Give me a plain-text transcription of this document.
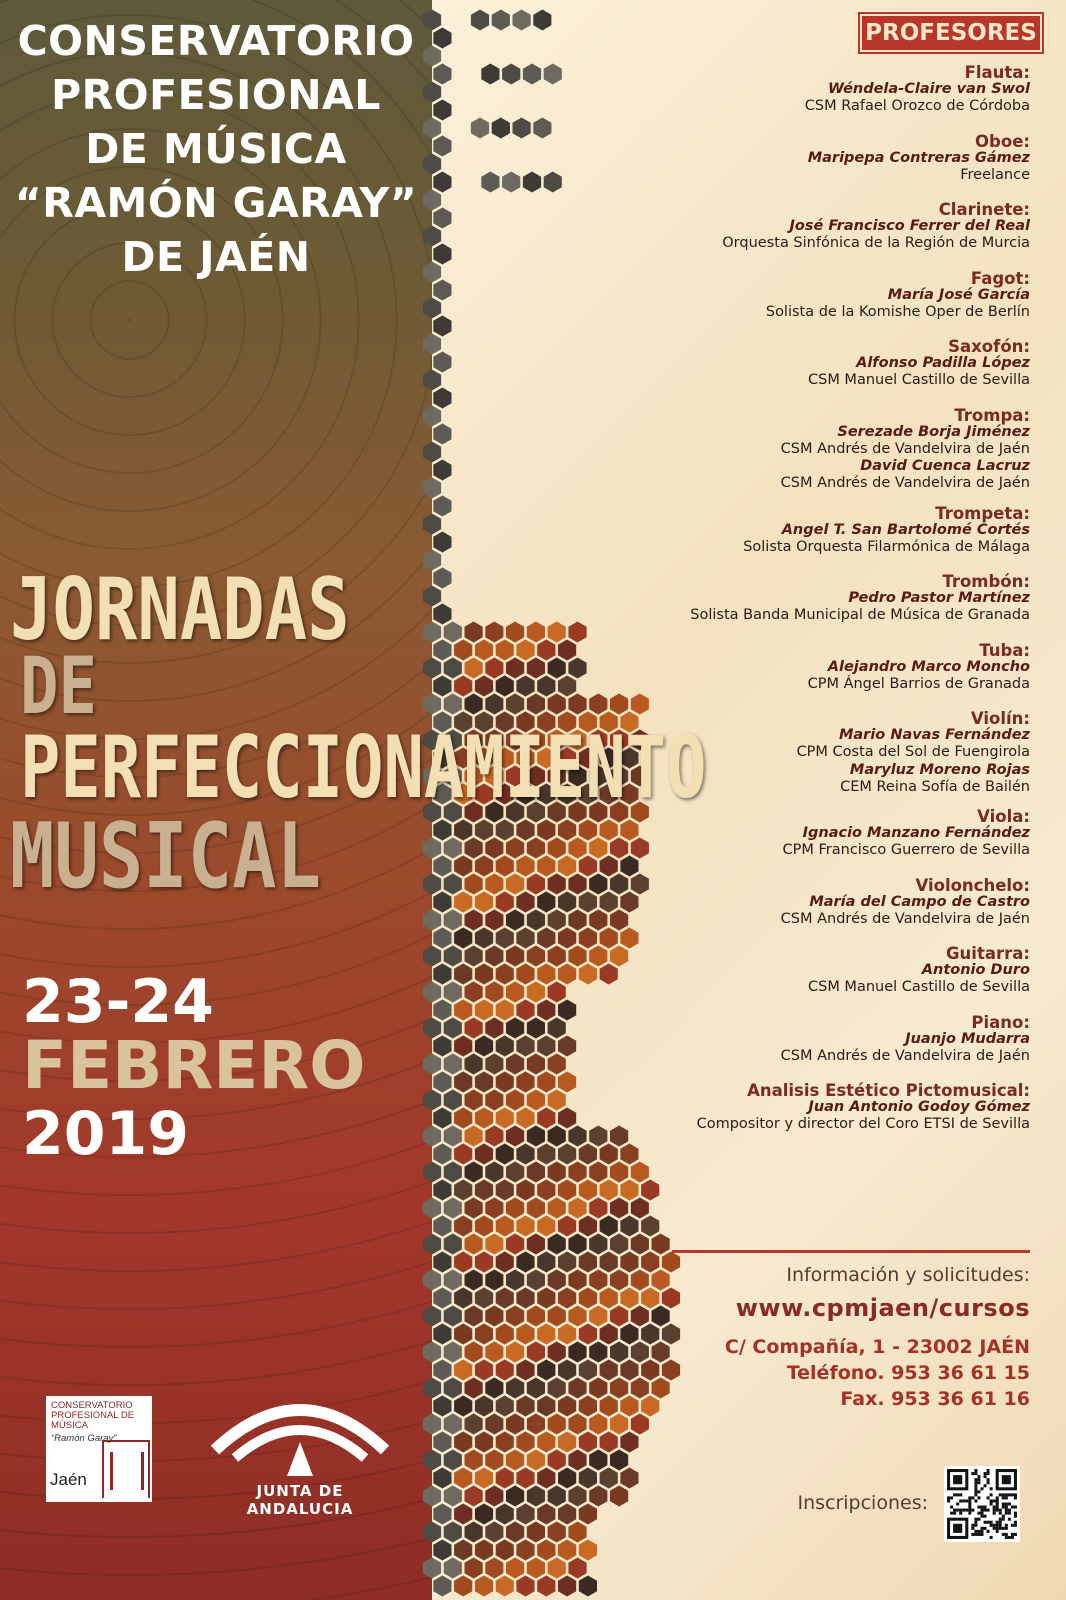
CONSERVATORIO
PROFESIONAL
DE MÚSICA
“RAMÓN GARAY”
DE JAÉN
JORNADAS
DE
PERFECCIONAMIENTO
MUSICAL
23-24
FEBRERO
2019
CONSERVATORIO
PROFESIONAL DE
MÚSICA
“Ramón Garay”
Jaén
JUNTA DE ANDALUCIA
PROFESORES
Flauta:
Wéndela-Claire van Swol
CSM Rafael Orozco de Córdoba
Oboe:
Maripepa Contreras Gámez
Freelance
Clarinete:
José Francisco Ferrer del Real
Orquesta Sinfónica de la Región de Murcia
Fagot:
María José García
Solista de la Komishe Oper de Berlín
Saxofón:
Alfonso Padilla López
CSM Manuel Castillo de Sevilla
Trompa:
Serezade Borja Jiménez
CSM Andrés de Vandelvira de Jaén
David Cuenca Lacruz
CSM Andrés de Vandelvira de Jaén
Trompeta:
Angel T. San Bartolomé Cortés
Solista Orquesta Filarmónica de Málaga
Trombón:
Pedro Pastor Martínez
Solista Banda Municipal de Música de Granada
Tuba:
Alejandro Marco Moncho
CPM Ángel Barrios de Granada
Violín:
Mario Navas Fernández
CPM Costa del Sol de Fuengirola
Maryluz Moreno Rojas
CEM Reina Sofía de Bailén
Viola:
Ignacio Manzano Fernández
CPM Francisco Guerrero de Sevilla
Violonchelo:
María del Campo de Castro
CSM Andrés de Vandelvira de Jaén
Guitarra:
Antonio Duro
CSM Manuel Castillo de Sevilla
Piano:
Juanjo Mudarra
CSM Andrés de Vandelvira de Jaén
Analisis Estético Pictomusical:
Juan Antonio Godoy Gómez
Compositor y director del Coro ETSI de Sevilla
Información y solicitudes:
www.cpmjaen/cursos
C/ Compañía, 1 - 23002 JAÉN
Teléfono. 953 36 61 15
Fax. 953 36 61 16
Inscripciones:
